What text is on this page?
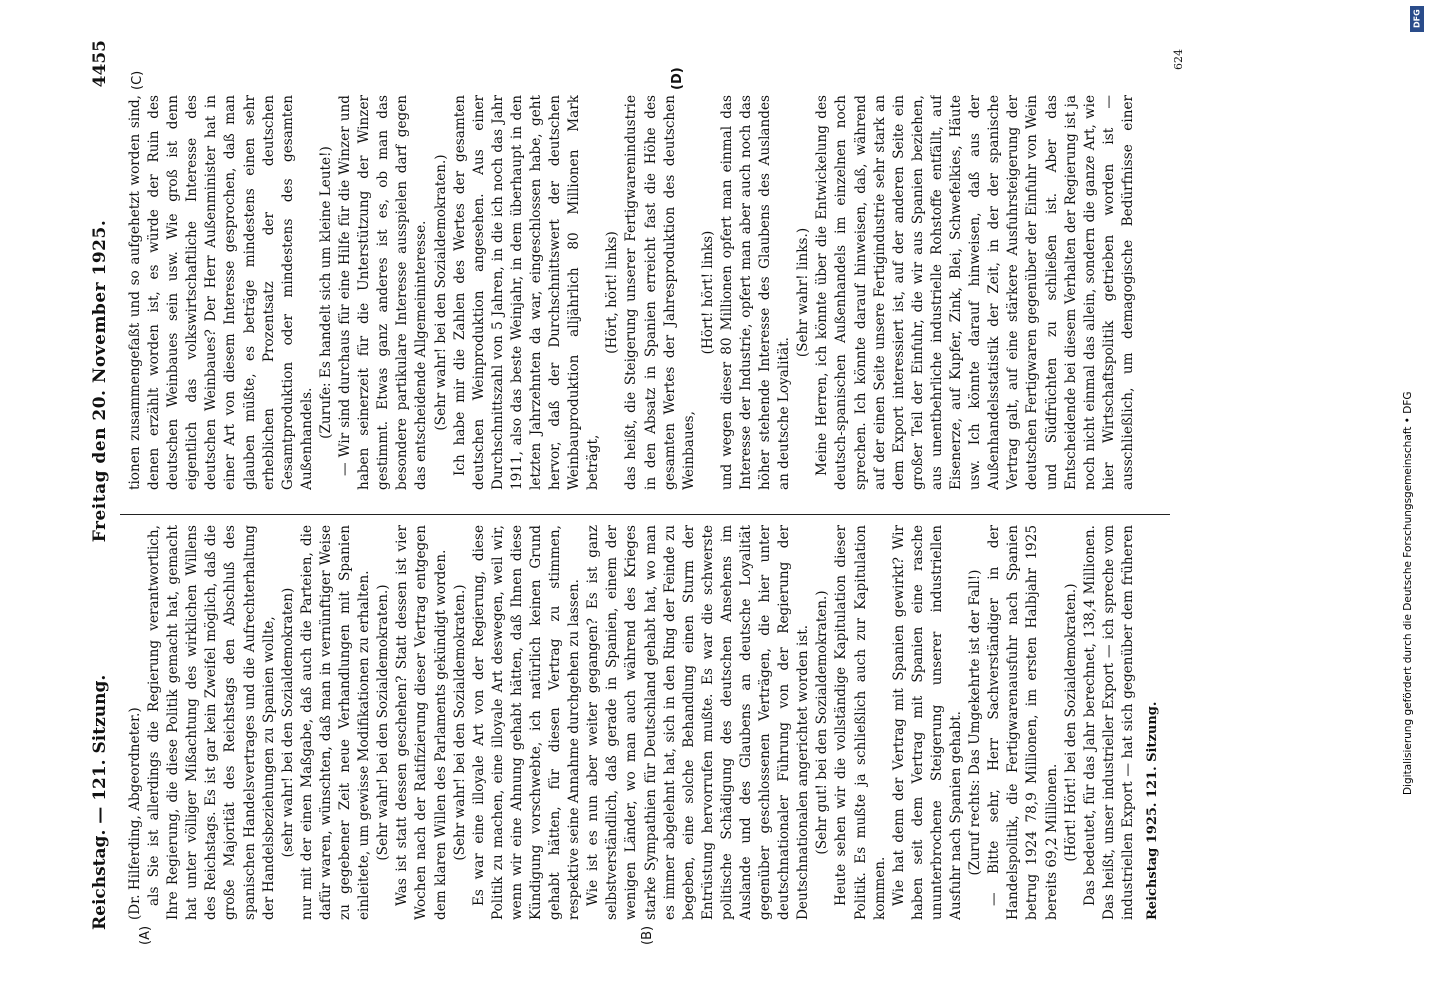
Reichstag. — 121. Sitzung.
Freitag den 20. November 1925.
4455
(A)	(B)
(C)	(D)

(Dr. Hilferding, Abgeordneter.) als Sie ist allerdings die Regierung verantwortlich, Ihre Regierung, die diese Politik gemacht hat, gemacht hat unter völliger Mißachtung des wirklichen Willens des Reichstags. Es ist gar kein Zweifel möglich, daß die große Majorität des Reichstags den Abschluß des spanischen Handelsvertrages und die Aufrechterhaltung der Handelsbeziehungen zu Spanien wollte, (sehr wahr! bei den Sozialdemokraten) nur mit der einen Maßgabe, daß auch die Parteien, die dafür waren, wünschten, daß man in vernünftiger Weise zu gegebener Zeit neue Verhandlungen mit Spanien einleitete, um gewisse Modifikationen zu erhalten. (Sehr wahr! bei den Sozialdemokraten.) Was ist statt dessen geschehen? Statt dessen ist vier Wochen nach der Ratifizierung dieser Vertrag entgegen dem klaren Willen des Parlaments gekündigt worden. (Sehr wahr! bei den Sozialdemokraten.) Es war eine illoyale Art von der Regierung, diese Politik zu machen, eine illoyale Art deswegen, weil wir, wenn wir eine Ahnung gehabt hätten, daß Ihnen diese Kündigung vorschwebte, ich natürlich keinen Grund gehabt hätten, für diesen Vertrag zu stimmen, respektive seine Annahme durchgehen zu lassen. Wie ist es nun aber weiter gegangen? Es ist ganz selbstverständlich, daß gerade in Spanien, einem der wenigen Länder, wo man auch während des Krieges starke Sympathien für Deutschland gehabt hat, wo man es immer abgelehnt hat, sich in den Ring der Feinde zu begeben, eine solche Behandlung einen Sturm der Entrüstung hervorrufen mußte. Es war die schwerste politische Schädigung des deutschen Ansehens im Auslande und des Glaubens an deutsche Loyalität gegenüber geschlossenen Verträgen, die hier unter deutschnationaler Führung von der Regierung der Deutschnationalen angerichtet worden ist. (Sehr gut! bei den Sozialdemokraten.) Heute sehen wir die vollständige Kapitulation dieser Politik. Es mußte ja schließlich auch zur Kapitulation kommen. Wie hat denn der Vertrag mit Spanien gewirkt? Wir haben seit dem Vertrag mit Spanien eine rasche ununterbrochene Steigerung unserer industriellen Ausfuhr nach Spanien gehabt. (Zuruf rechts: Das Umgekehrte ist der Fall!) — Bitte sehr, Herr Sachverständiger in der Handelspolitik, die Fertigwarenausfuhr nach Spanien betrug 1924 78,9 Millionen, im ersten Halbjahr 1925 bereits 69,2 Millionen. (Hört! Hört! bei den Sozialdemokraten.)

Das bedeutet, für das Jahr berechnet, 138,4 Millionen. Das heißt, unser industrieller Export — ich spreche vom industriellen Export — hat sich gegenüber dem früheren

tionen zusammengefaßt und so aufgehetzt worden sind, denen erzählt worden ist, es würde der Ruin des deutschen Weinbaues sein usw. Wie groß ist denn eigentlich das volkswirtschaftliche Interesse des deutschen Weinbaues? Der Herr Außenminister hat in einer Art von diesem Interesse gesprochen, daß man glauben müßte, es beträge mindestens einen sehr erheblichen Prozentsatz der deutschen Gesamtproduktion oder mindestens des gesamten Außenhandels. (Zurufe: Es handelt sich um kleine Leute!) — Wir sind durchaus für eine Hilfe für die Winzer und haben seinerzeit für die Unterstützung der Winzer gestimmt. Etwas ganz anderes ist es, ob man das besondere partikulare Interesse ausspielen darf gegen das entscheidende Allgemeininteresse. (Sehr wahr! bei den Sozialdemokraten.) Ich habe mir die Zahlen des Wertes der gesamten deutschen Weinproduktion angesehen. Aus einer Durchschnittszahl von 5 Jahren, in die ich noch das Jahr 1911, also das beste Weinjahr, in dem überhaupt in den letzten Jahrzehnten da war, eingeschlossen habe, geht hervor, daß der Durchschnittswert der deutschen Weinbauproduktion alljährlich 80 Millionen Mark beträgt,

(Hört, hört! links) das heißt, die Steigerung unserer Fertigwarenindustrie in den Absatz in Spanien erreicht fast die Höhe des gesamten Wertes der Jahresproduktion des deutschen Weinbaues,

(Hört! hört! links) und wegen dieser 80 Millionen opfert man einmal das Interesse der Industrie, opfert man aber auch noch das höher stehende Interesse des Glaubens des Auslandes an deutsche Loyalität.

(Sehr wahr! links.)

Meine Herren, ich könnte über die Entwickelung des deutsch-spanischen Außenhandels im einzelnen noch sprechen. Ich könnte darauf hinweisen, daß, während auf der einen Seite unsere Fertigindustrie sehr stark an dem Export interessiert ist, auf der anderen Seite ein großer Teil der Einfuhr, die wir aus Spanien beziehen, aus unentbehrliche industrielle Rohstoffe entfällt, auf Eisenerze, auf Kupfer, Zink, Blei, Schwefelkies, Häute usw. Ich könnte darauf hinweisen, daß aus der Außenhandelsstatistik der Zeit, in der der spanische Vertrag galt, auf eine stärkere Ausfuhrsteigerung der deutschen Fertigwaren gegenüber der Einfuhr von Wein und Südfrüchten zu schließen ist. Aber das Entscheidende bei diesem Verhalten der Regierung ist ja noch nicht einmal das allein, sondern die ganze Art, wie hier Wirtschaftspolitik getrieben worden ist — ausschließlich, um demagogische Bedürfnisse einer

Reichstag 1925. 121. Sitzung.
624
Digitalisierung gefördert durch die Deutsche Forschungsgemeinschaft • DFG
DFG
